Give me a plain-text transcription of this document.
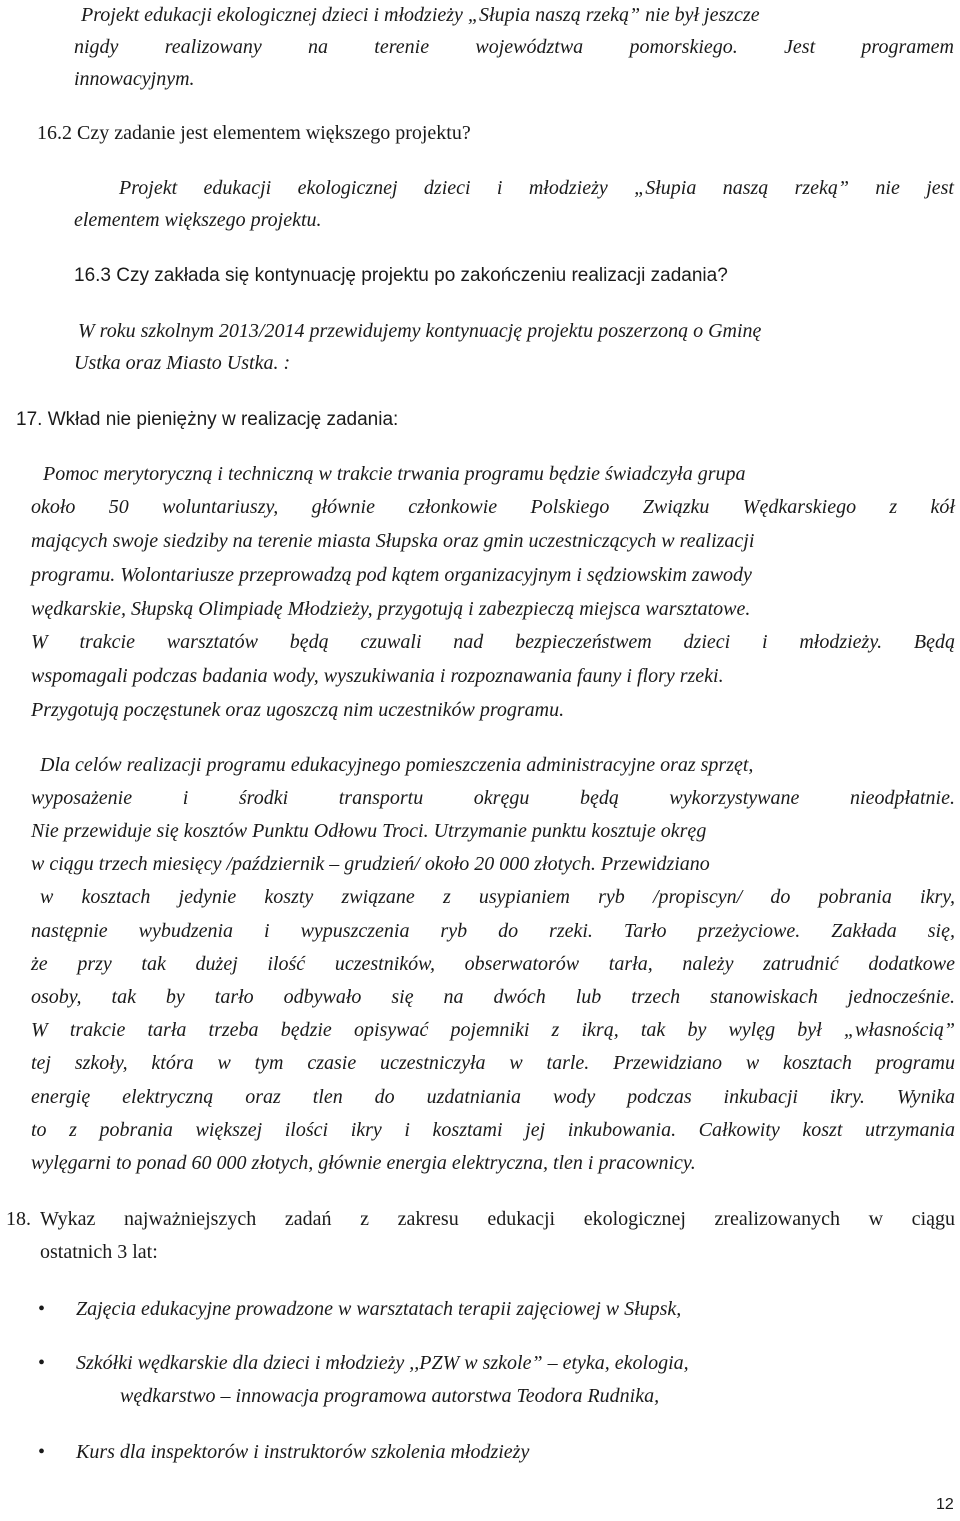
Projekt edukacji ekologicznej dzieci i młodzieży „Słupia naszą rzeką” nie był jeszcze
nigdy realizowany na terenie województwa pomorskiego. Jest programem
innowacyjnym.
16.2 Czy zadanie jest elementem większego projektu?
Projekt edukacji ekologicznej dzieci i młodzieży „Słupia naszą rzeką” nie jest
elementem większego projektu.
16.3 Czy zakłada się kontynuację projektu po zakończeniu realizacji zadania?
W roku szkolnym 2013/2014 przewidujemy kontynuację projektu poszerzoną o Gminę
Ustka oraz Miasto Ustka. :
17. Wkład nie pieniężny w realizację zadania:
Pomoc merytoryczną i techniczną w trakcie trwania programu będzie świadczyła grupa
około 50 woluntariuszy, głównie członkowie Polskiego Związku Wędkarskiego z kół
mających swoje siedziby na terenie miasta Słupska oraz gmin uczestniczących w realizacji
programu. Wolontariusze przeprowadzą pod kątem organizacyjnym i sędziowskim zawody
wędkarskie, Słupską Olimpiadę Młodzieży, przygotują i zabezpieczą miejsca warsztatowe.
W trakcie warsztatów będą czuwali nad bezpieczeństwem dzieci i młodzieży. Będą
wspomagali podczas badania wody, wyszukiwania i rozpoznawania fauny i flory rzeki.
Przygotują poczęstunek oraz ugoszczą nim uczestników programu.
Dla celów realizacji programu edukacyjnego pomieszczenia administracyjne oraz sprzęt,
wyposażenie i środki transportu okręgu będą wykorzystywane nieodpłatnie.
Nie przewiduje się kosztów Punktu Odłowu Troci. Utrzymanie punktu kosztuje okręg
w ciągu trzech miesięcy /październik – grudzień/ około 20 000 złotych. Przewidziano
w kosztach jedynie koszty związane z usypianiem ryb /propiscyn/ do pobrania ikry,
następnie wybudzenia i wypuszczenia ryb do rzeki. Tarło przeżyciowe. Zakłada się,
że przy tak dużej ilość uczestników, obserwatorów tarła, należy zatrudnić dodatkowe
osoby, tak by tarło odbywało się na dwóch lub trzech stanowiskach jednocześnie.
W trakcie tarła trzeba będzie opisywać pojemniki z ikrą, tak by wylęg był „własnością”
tej szkoły, która w tym czasie uczestniczyła w tarle. Przewidziano w kosztach programu
energię elektryczną oraz tlen do uzdatniania wody podczas inkubacji ikry. Wynika
to z pobrania większej ilości ikry i kosztami jej inkubowania. Całkowity koszt utrzymania
wylęgarni to ponad 60 000 złotych, głównie energia elektryczna, tlen i pracownicy.
18. Wykaz najważniejszych zadań z zakresu edukacji ekologicznej zrealizowanych w ciągu
ostatnich 3 lat:
• Zajęcia edukacyjne prowadzone w warsztatach terapii zajęciowej w Słupsk,
• Szkółki wędkarskie dla dzieci i młodzieży ,,PZW w szkole” – etyka, ekologia,
wędkarstwo – innowacja programowa autorstwa Teodora Rudnika,
• Kurs dla inspektorów i instruktorów szkolenia młodzieży
12
